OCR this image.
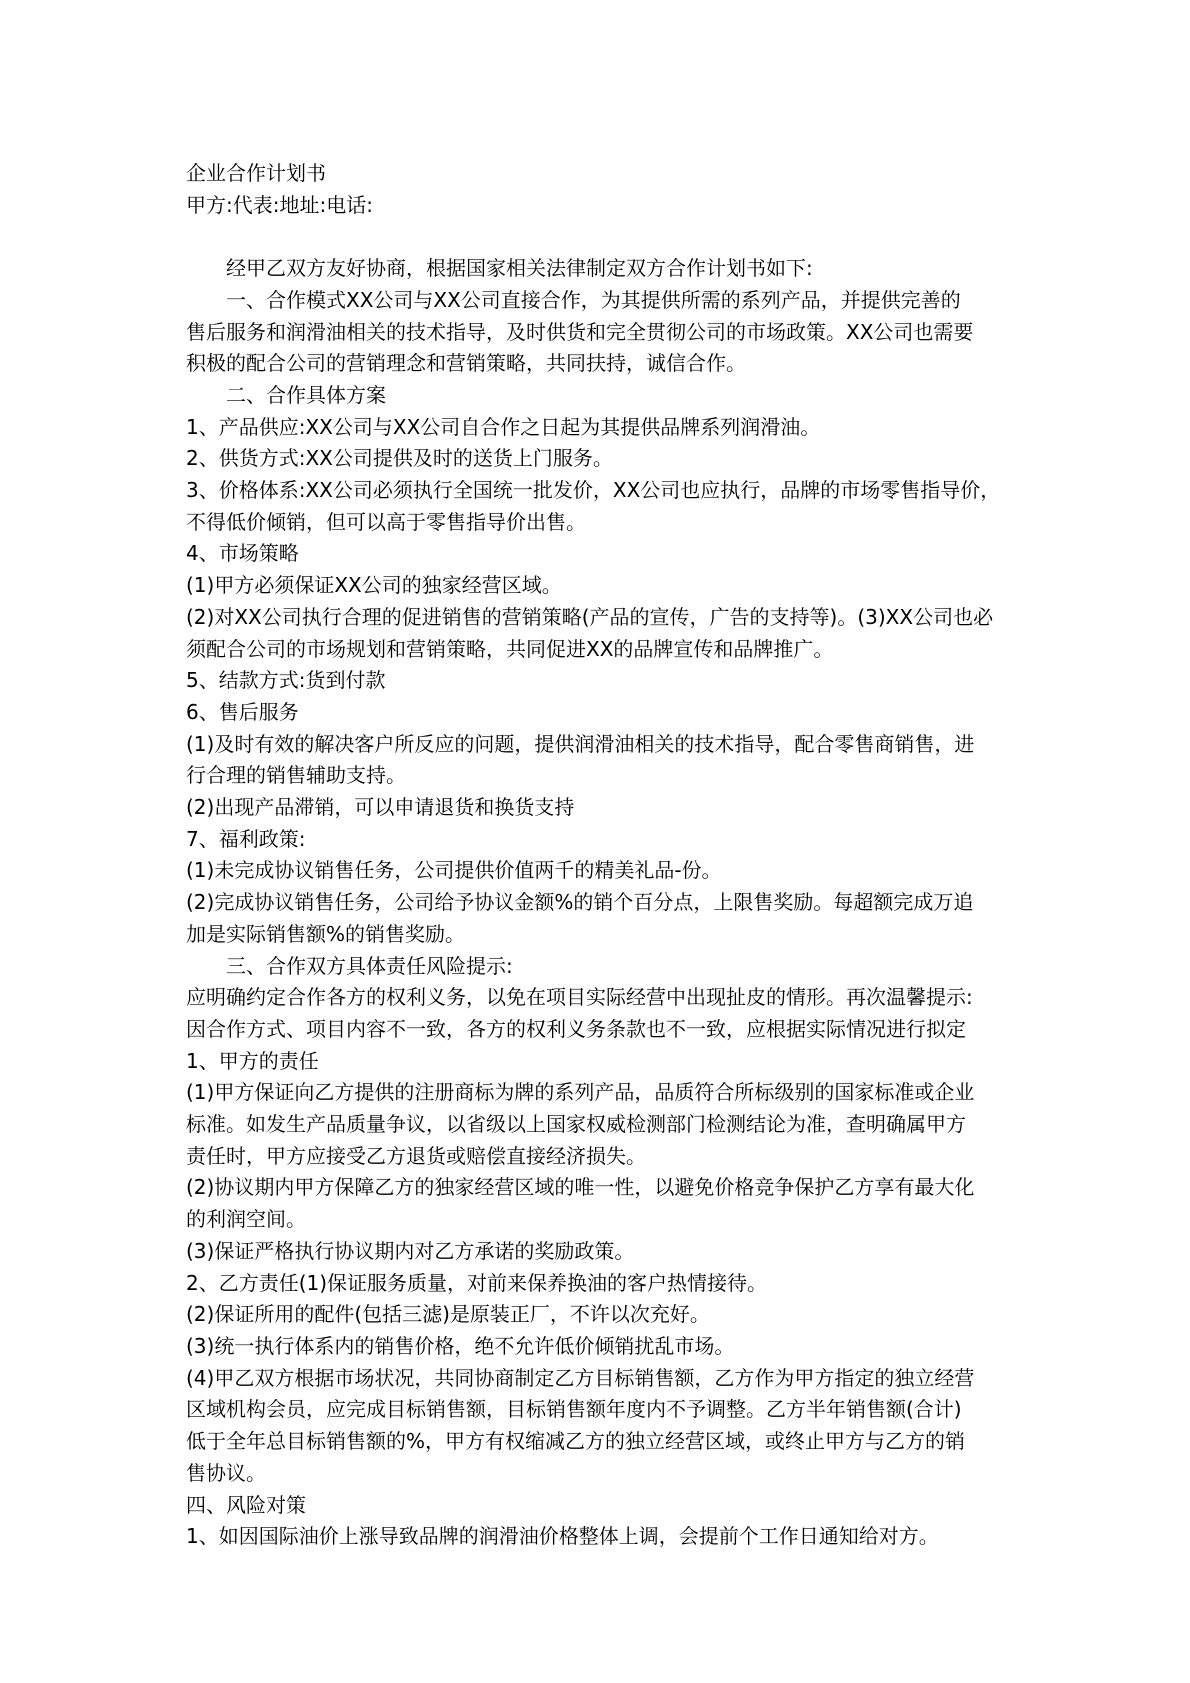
企业合作计划书

甲方:代表:地址:电话:

经甲乙双方友好协商，根据国家相关法律制定双方合作计划书如下:

一、合作模式XX公司与XX公司直接合作，为其提供所需的系列产品，并提供完善的

售后服务和润滑油相关的技术指导，及时供货和完全贯彻公司的市场政策。XX公司也需要

积极的配合公司的营销理念和营销策略，共同扶持，诚信合作。

二、合作具体方案

1、产品供应:XX公司与XX公司自合作之日起为其提供品牌系列润滑油。

2、供货方式:XX公司提供及时的送货上门服务。

3、价格体系:XX公司必须执行全国统一批发价，XX公司也应执行，品牌的市场零售指导价，

不得低价倾销，但可以高于零售指导价出售。

4、市场策略

(1)甲方必须保证XX公司的独家经营区域。

(2)对XX公司执行合理的促进销售的营销策略(产品的宣传，广告的支持等)。(3)XX公司也必

须配合公司的市场规划和营销策略，共同促进XX的品牌宣传和品牌推广。

5、结款方式:货到付款

6、售后服务

(1)及时有效的解决客户所反应的问题，提供润滑油相关的技术指导，配合零售商销售，进

行合理的销售辅助支持。

(2)出现产品滞销，可以申请退货和换货支持

7、福利政策:

(1)未完成协议销售任务，公司提供价值两千的精美礼品-份。

(2)完成协议销售任务，公司给予协议金额%的销个百分点，上限售奖励。每超额完成万追

加是实际销售额%的销售奖励。

三、合作双方具体责任风险提示:

应明确约定合作各方的权利义务，以免在项目实际经营中出现扯皮的情形。再次温馨提示:

因合作方式、项目内容不一致，各方的权利义务条款也不一致，应根据实际情况进行拟定

1、甲方的责任

(1)甲方保证向乙方提供的注册商标为牌的系列产品，品质符合所标级别的国家标准或企业

标准。如发生产品质量争议，以省级以上国家权威检测部门检测结论为准，查明确属甲方

责任时，甲方应接受乙方退货或赔偿直接经济损失。

(2)协议期内甲方保障乙方的独家经营区域的唯一性，以避免价格竞争保护乙方享有最大化

的利润空间。

(3)保证严格执行协议期内对乙方承诺的奖励政策。

2、乙方责任(1)保证服务质量，对前来保养换油的客户热情接待。

(2)保证所用的配件(包括三滤)是原装正厂，不许以次充好。

(3)统一执行体系内的销售价格，绝不允许低价倾销扰乱市场。

(4)甲乙双方根据市场状况，共同协商制定乙方目标销售额，乙方作为甲方指定的独立经营

区域机构会员，应完成目标销售额，目标销售额年度内不予调整。乙方半年销售额(合计)

低于全年总目标销售额的%，甲方有权缩减乙方的独立经营区域，或终止甲方与乙方的销

售协议。

四、风险对策

1、如因国际油价上涨导致品牌的润滑油价格整体上调，会提前个工作日通知给对方。
